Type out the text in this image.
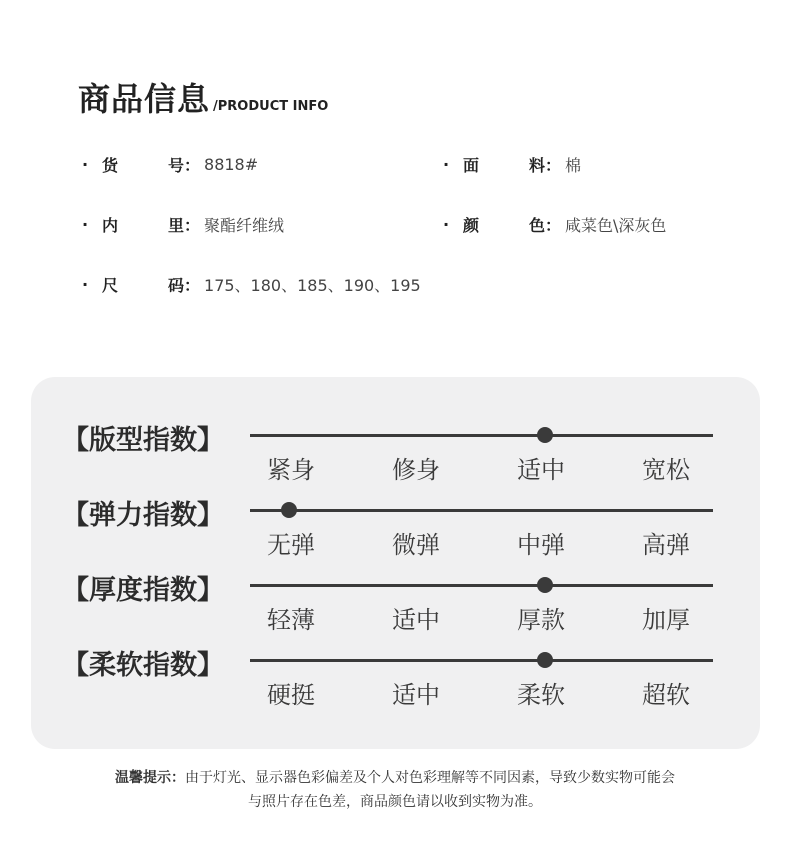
商品信息 /PRODUCT INFO
· 货	号： 8818#	· 面	料： 棉
· 内	里： 聚酯纤维绒	· 颜	色： 咸菜色\深灰色
· 尺	码： 175、180、185、190、195
【版型指数】
紧身	修身	适中	宽松
【弹力指数】
无弹	微弹	中弹	高弹
【厚度指数】
轻薄	适中	厚款	加厚
【柔软指数】
硬挺	适中	柔软	超软
温馨提示：由于灯光、显示器色彩偏差及个人对色彩理解等不同因素，导致少数实物可能会
与照片存在色差，商品颜色请以收到实物为准。
